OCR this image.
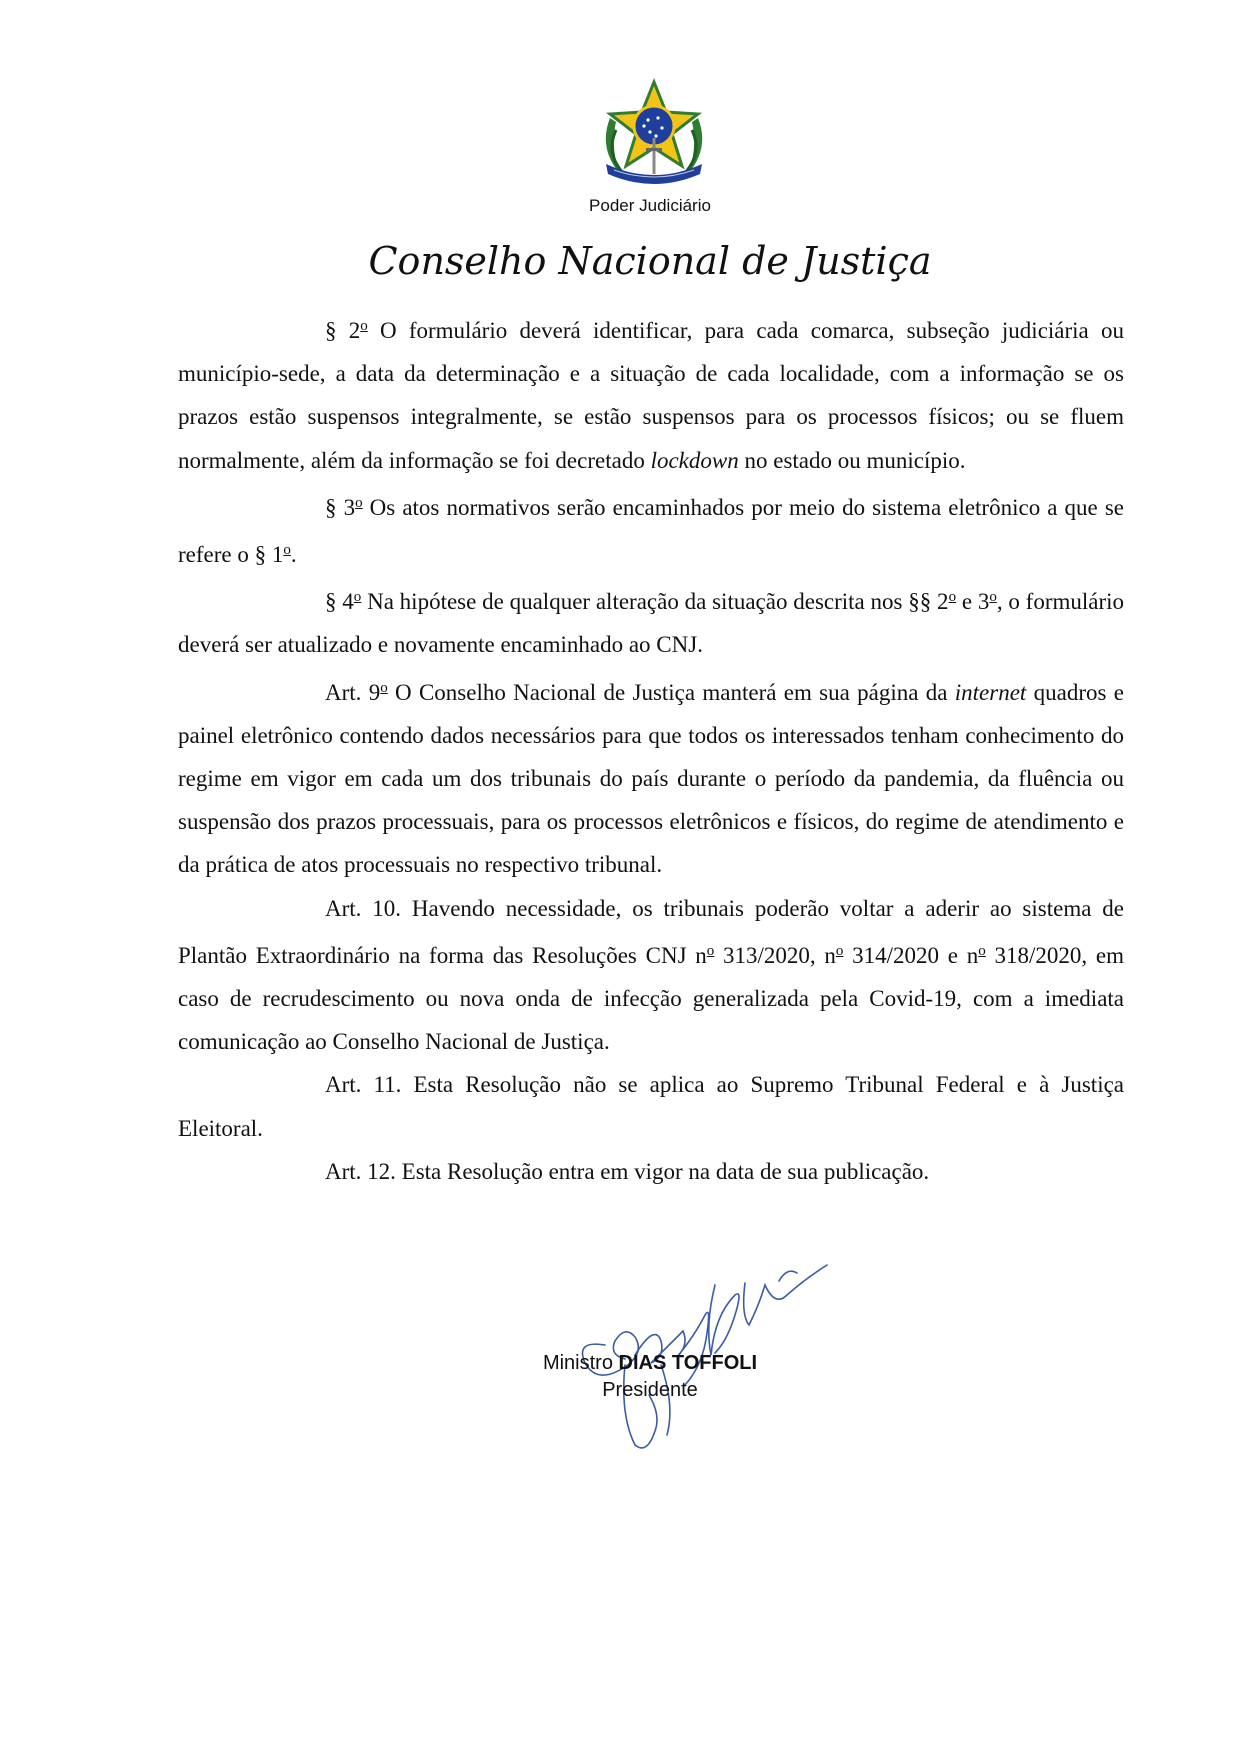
Poder Judiciário
Conselho Nacional de Justiça

§ 2$^o$ O formulário deverá identificar, para cada comarca, subseção judiciária ou município-sede, a data da determinação e a situação de cada localidade, com a informação se os prazos estão suspensos integralmente, se estão suspensos para os processos físicos; ou se fluem normalmente, além da informação se foi decretado lockdown no estado ou município.

§ 3$^o$ Os atos normativos serão encaminhados por meio do sistema eletrônico a que se refere o § 1$^o$.

§ 4$^o$ Na hipótese de qualquer alteração da situação descrita nos §§ 2$^o$ e 3$^o$, o formulário deverá ser atualizado e novamente encaminhado ao CNJ.

Art. 9$^o$ O Conselho Nacional de Justiça manterá em sua página da internet quadros e painel eletrônico contendo dados necessários para que todos os interessados tenham conhecimento do regime em vigor em cada um dos tribunais do país durante o período da pandemia, da fluência ou suspensão dos prazos processuais, para os processos eletrônicos e físicos, do regime de atendimento e da prática de atos processuais no respectivo tribunal.

Art. 10. Havendo necessidade, os tribunais poderão voltar a aderir ao sistema de Plantão Extraordinário na forma das Resoluções CNJ $n^o$ 313/2020, $n^o$ 314/2020 e $n^o$ 318/2020, em caso de recrudescimento ou nova onda de infecção generalizada pela Covid-19, com a imediata comunicação ao Conselho Nacional de Justiça.

Art. 11. Esta Resolução não se aplica ao Supremo Tribunal Federal e à Justiça Eleitoral.

Art. 12. Esta Resolução entra em vigor na data de sua publicação.

Ministro DIAS TOFFOLI
Presidente
